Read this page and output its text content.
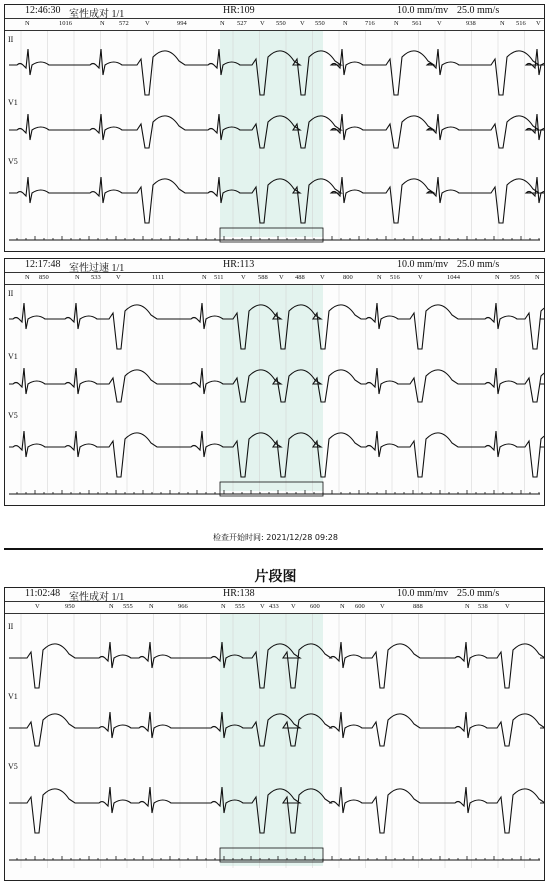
12:46:30 室性成对 1/1	HR:109	10.0 mm/mv 25.0 mm/s
N	1016	N 572	V	994	N 527 V 550 V 550	N	716	N 561 V	938	N 516 V
II
V1
V5
12:17:48 室性过速 1/1	HR:113	10.0 mm/mv 25.0 mm/s
N 850	N 533 V	1111	N 511	V 588 V 488 V	800	N 516	V	1044	N 505 N
II
V1
V5
检查开始时间: 2021/12/28 09:28
片段图
11:02:48 室性成对 1/1	HR:138	10.0 mm/mv 25.0 mm/s
V	950	N 555	N	966	N 555 V 433 V 600	N 600 V	888	N 538	V
II
V1
V5
